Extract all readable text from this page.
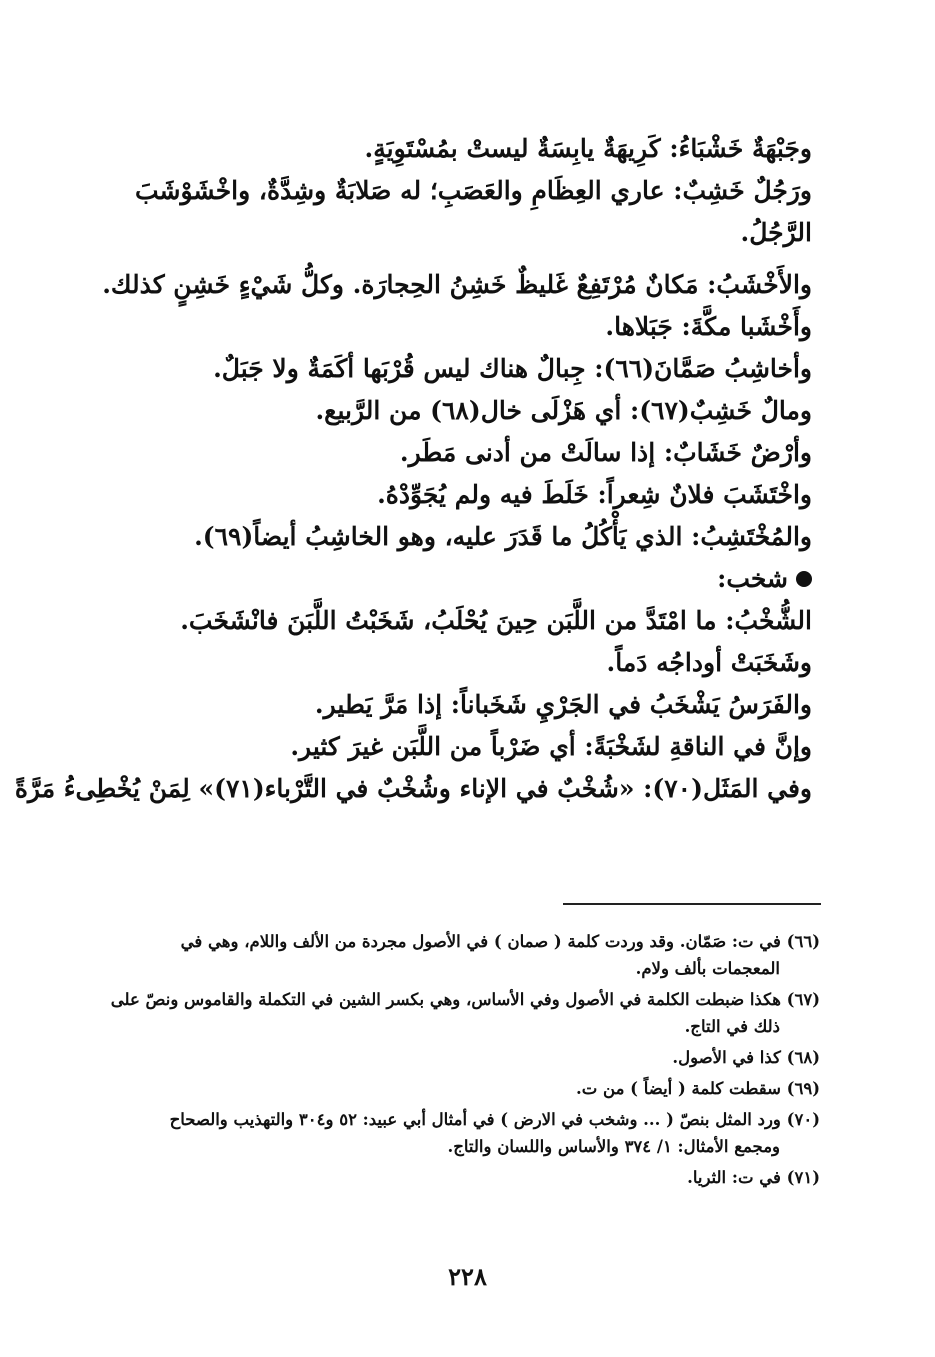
وجَبْهَةٌ خَشْبَاءُ: كَرِيهَةٌ يابِسَةٌ ليستْ بمُسْتَوِيَةٍ.
ورَجُلٌ خَشِبٌ: عاري العِظَامِ والعَصَبِ؛ له صَلابَةٌ وشِدَّةٌ، واخْشَوْشَبَ
الرَّجُلُ.
والأَخْشَبُ: مَكانٌ مُرْتَفِعٌ غَليظٌ خَشِنُ الحِجارَة. وكلُّ شَيْءٍ خَشِنٍ كذلك.
وأَخْشَبا مكَّةَ: جَبَلاها.
وأخاشِبُ صَمَّانَ(٦٦): جِبالٌ هناك ليس قُرْبَها أكَمَةٌ ولا جَبَلٌ.
ومالٌ خَشِبٌ(٦٧): أي هَزْلَى خال(٦٨) من الرَّبيع.
وأرْضٌ خَشَابٌ: إذا سالَتْ من أدنى مَطَر.
واخْتَشَبَ فلانٌ شِعراً: خَلَطَ فيه ولم يُجَوِّدْهُ.
والمُخْتَشِبُ: الذي يَأْكُلُ ما قَدَرَ عليه، وهو الخاشِبُ أيضاً(٦٩).
شخب:
الشُّخْبُ: ما امْتَدَّ من اللَّبَن حِينَ يُحْلَبُ، شَخَبْتُ اللَّبَنَ فانْشَخَبَ.
وشَخَبَتْ أوداجُه دَماً.
والفَرَسُ يَشْخَبُ في الجَرْيِ شَخَباناً: إذا مَرَّ يَطير.
وإنَّ في الناقةِ لشَخْبَةً: أي ضَرْباً من اللَّبَن غيرَ كثير.
وفي المَثَل(٧٠): «شُخْبٌ في الإناء وشُخْبٌ في التَّرْباء(٧١)» لِمَنْ يُخْطِىءُ مَرَّةً
(٦٦) في ت: صَمّان. وقد وردت كلمة ( صمان ) في الأصول مجردة من الألف واللام، وهي في
المعجمات بألف ولام.
(٦٧) هكذا ضبطت الكلمة في الأصول وفي الأساس، وهي بكسر الشين في التكملة والقاموس ونصّ على
ذلك في التاج.
(٦٨) كذا في الأصول.
(٦٩) سقطت كلمة ( أيضاً ) من ت.
(٧٠) ورد المثل بنصّ ( ... وشخب في الارض ) في أمثال أبي عبيد: ٥٢ و٣٠٤ والتهذيب والصحاح
ومجمع الأمثال: ١/ ٣٧٤ والأساس واللسان والتاج.
(٧١) في ت: الثريا.
٢٢٨
